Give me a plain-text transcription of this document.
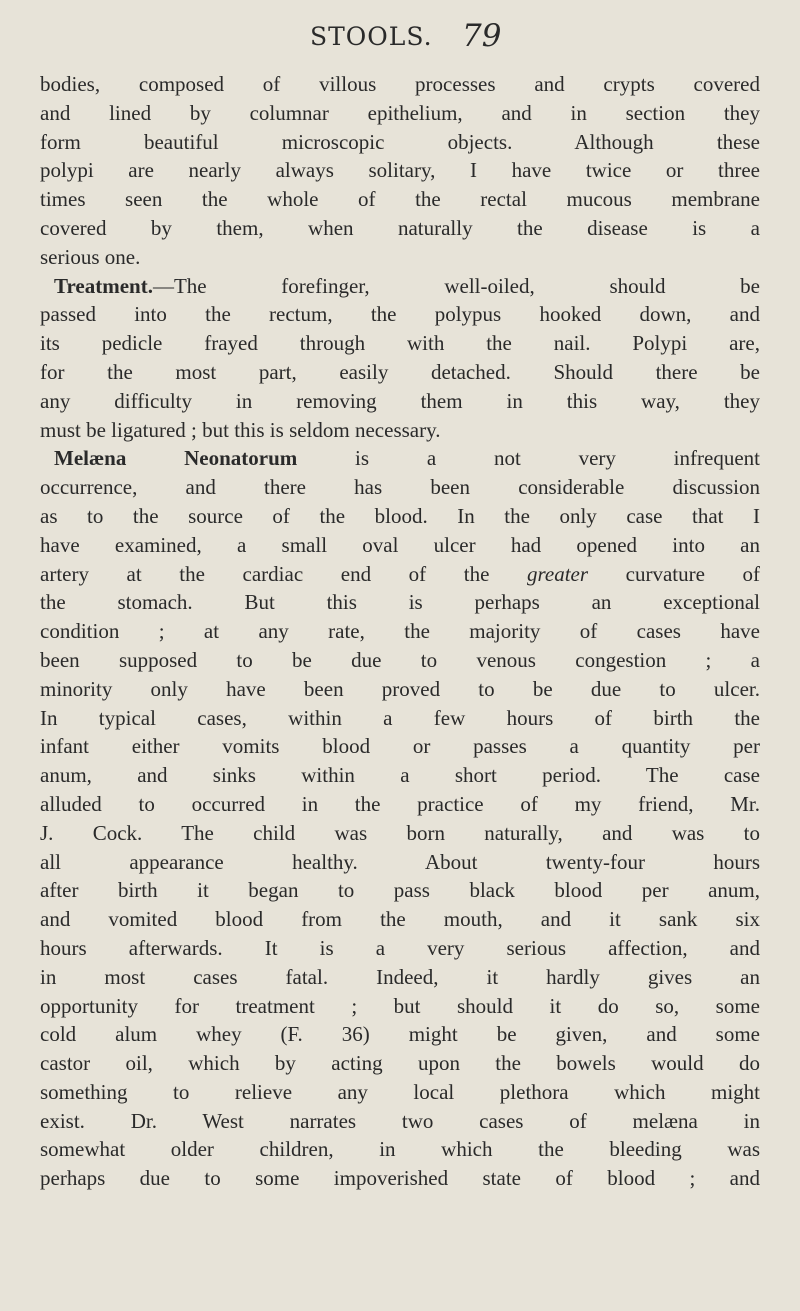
STOOLS. 79
bodies, composed of villous processes and crypts covered
and lined by columnar epithelium, and in section they
form beautiful microscopic objects. Although these
polypi are nearly always solitary, I have twice or three
times seen the whole of the rectal mucous membrane
covered by them, when naturally the disease is a
serious one.
Treatment.—The forefinger, well-oiled, should be
passed into the rectum, the polypus hooked down, and
its pedicle frayed through with the nail. Polypi are,
for the most part, easily detached. Should there be
any difficulty in removing them in this way, they
must be ligatured ; but this is seldom necessary.
Melæna Neonatorum is a not very infrequent
occurrence, and there has been considerable discussion
as to the source of the blood. In the only case that I
have examined, a small oval ulcer had opened into an
artery at the cardiac end of the greater curvature of
the stomach. But this is perhaps an exceptional
condition ; at any rate, the majority of cases have
been supposed to be due to venous congestion ; a
minority only have been proved to be due to ulcer.
In typical cases, within a few hours of birth the
infant either vomits blood or passes a quantity per
anum, and sinks within a short period. The case
alluded to occurred in the practice of my friend, Mr.
J. Cock. The child was born naturally, and was to
all appearance healthy. About twenty-four hours
after birth it began to pass black blood per anum,
and vomited blood from the mouth, and it sank six
hours afterwards. It is a very serious affection, and
in most cases fatal. Indeed, it hardly gives an
opportunity for treatment ; but should it do so, some
cold alum whey (F. 36) might be given, and some
castor oil, which by acting upon the bowels would do
something to relieve any local plethora which might
exist. Dr. West narrates two cases of melæna in
somewhat older children, in which the bleeding was
perhaps due to some impoverished state of blood ; and
